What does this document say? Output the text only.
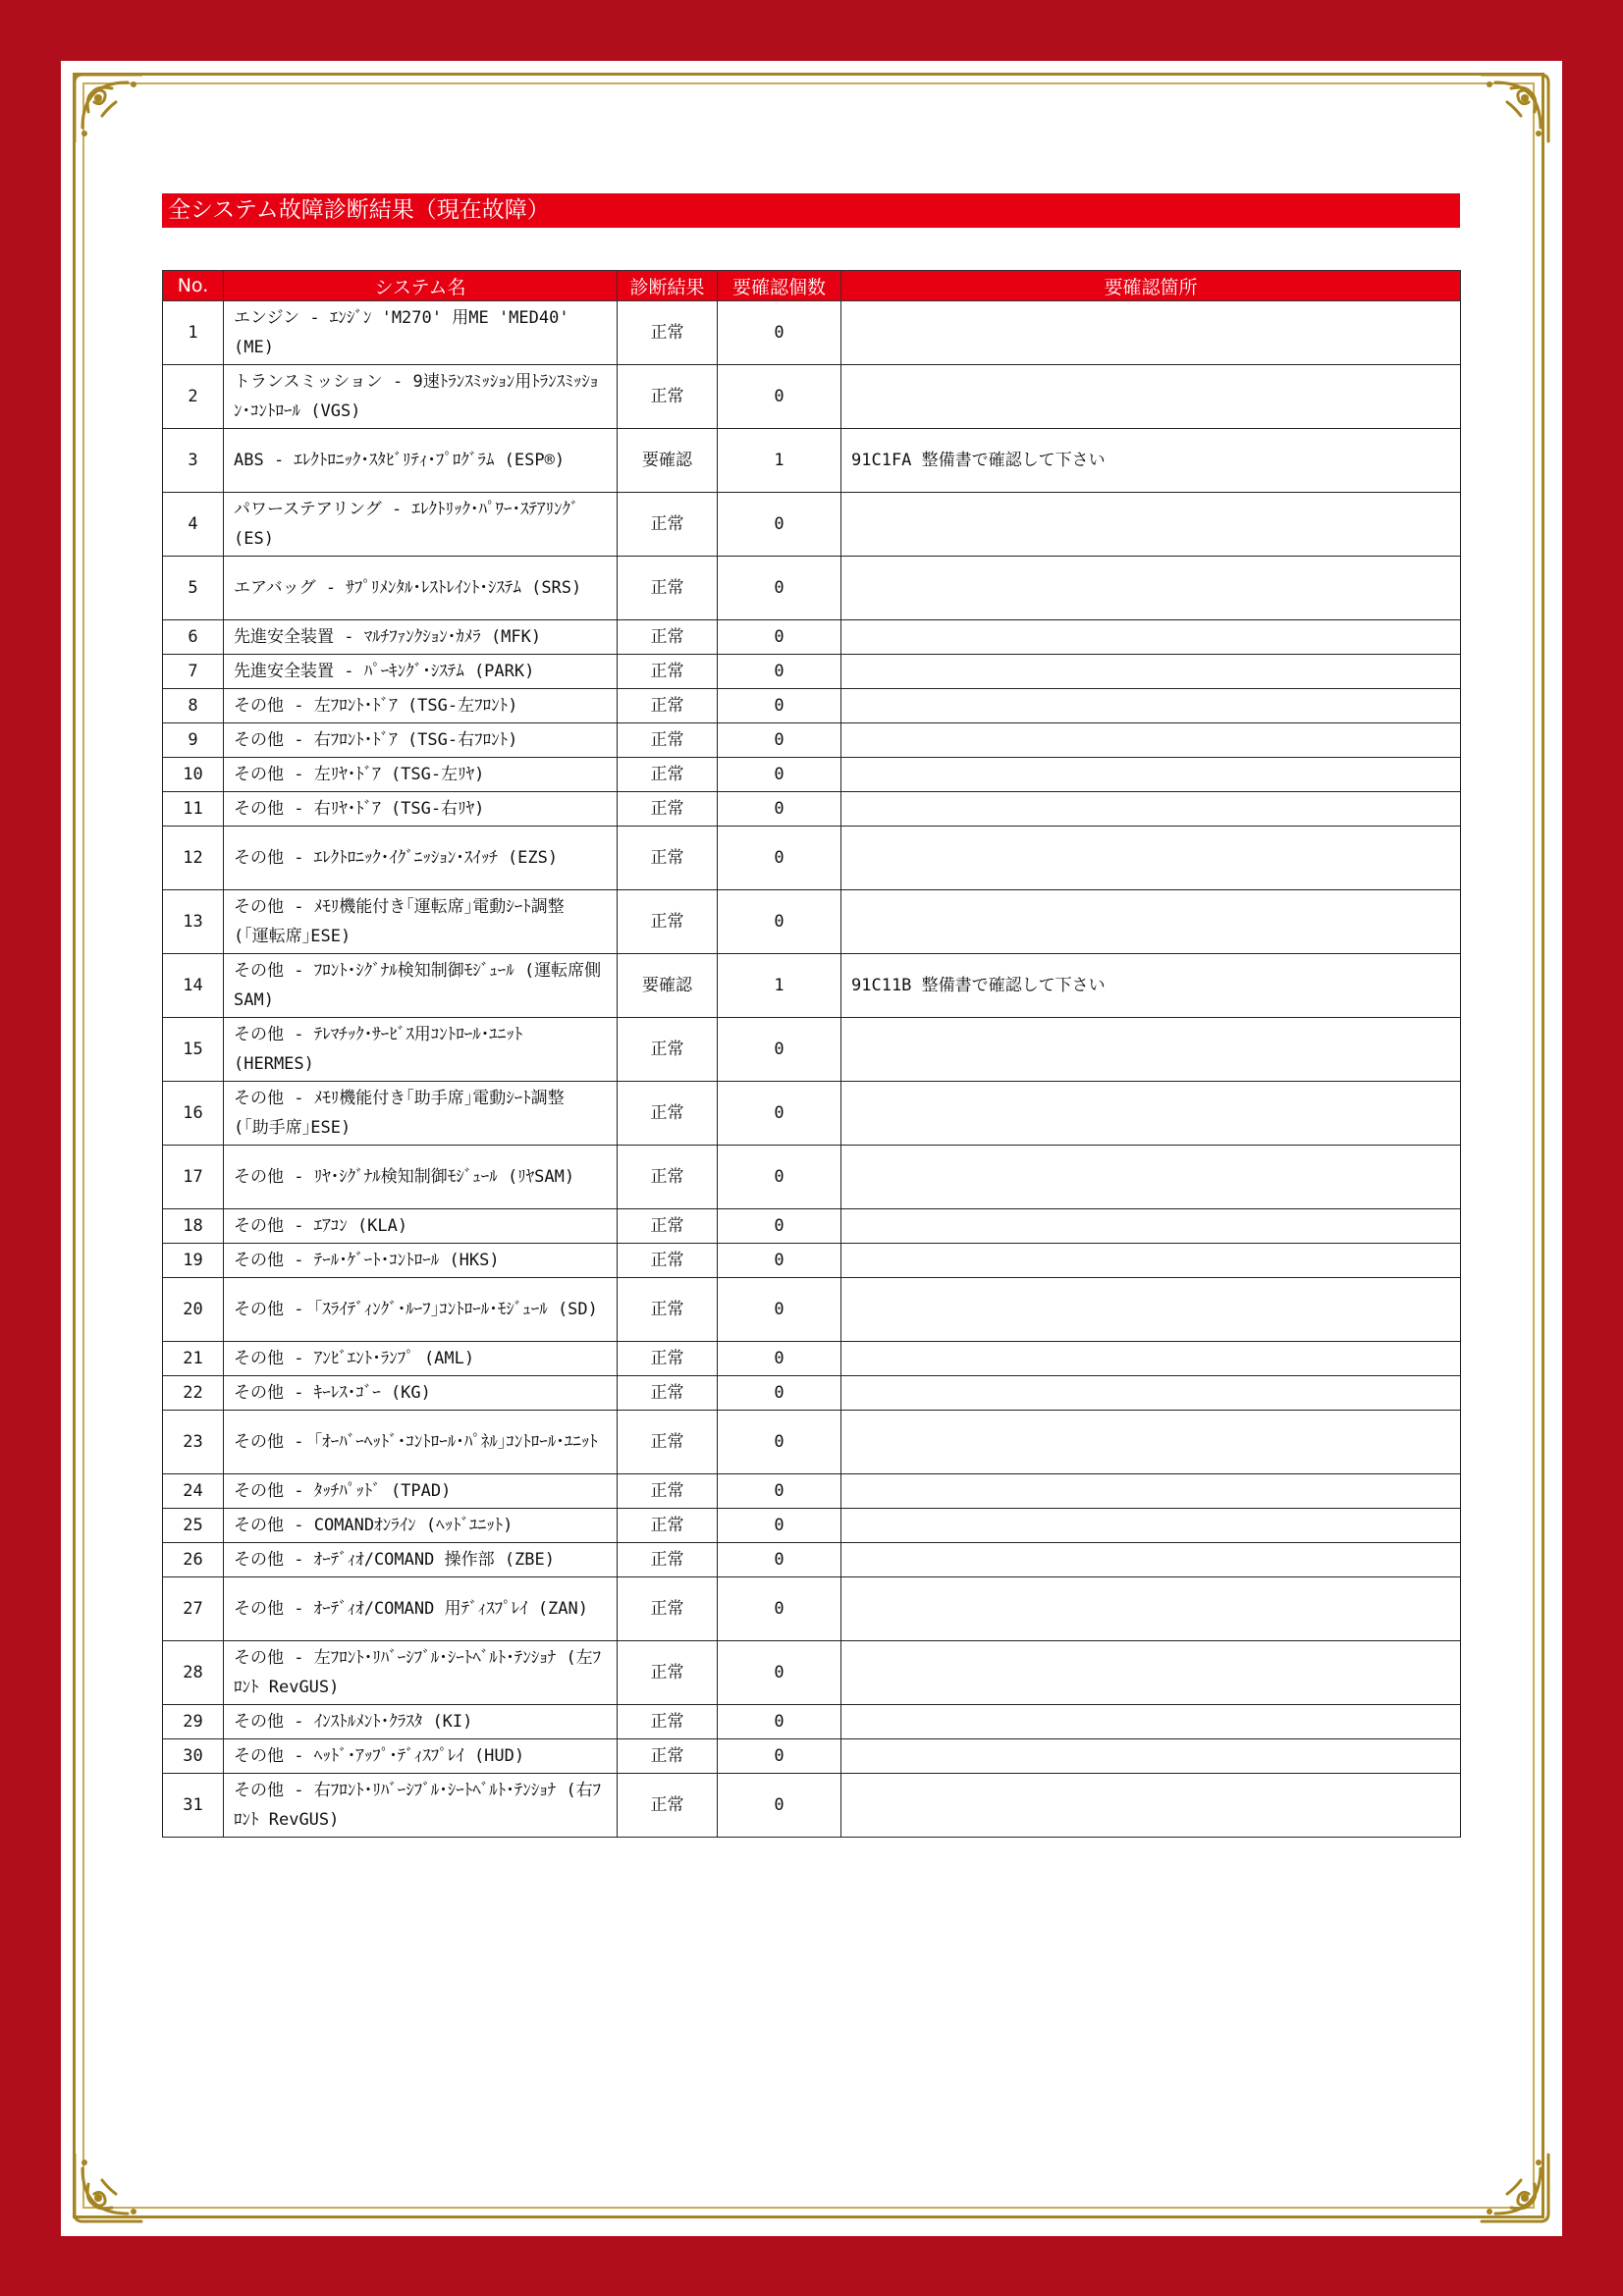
全システム故障診断結果（現在故障）
No.	システム名	診断結果	要確認個数	要確認箇所
1	エンジン - ｴﾝｼﾞﾝ 'M270' 用ME 'MED40' (ME)	正常	0	
2	トランスミッション - 9速ﾄﾗﾝｽﾐｯｼｮﾝ用ﾄﾗﾝｽﾐｯｼｮﾝ･ｺﾝﾄﾛｰﾙ (VGS)	正常	0	
3	ABS - ｴﾚｸﾄﾛﾆｯｸ･ｽﾀﾋﾞﾘﾃｨ･ﾌﾟﾛｸﾞﾗﾑ (ESP®)	要確認	1	91C1FA 整備書で確認して下さい
4	パワーステアリング - ｴﾚｸﾄﾘｯｸ･ﾊﾟﾜｰ･ｽﾃｱﾘﾝｸﾞ (ES)	正常	0	
5	エアバッグ - ｻﾌﾟﾘﾒﾝﾀﾙ･ﾚｽﾄﾚｲﾝﾄ･ｼｽﾃﾑ (SRS)	正常	0	
6	先進安全装置 - ﾏﾙﾁﾌｧﾝｸｼｮﾝ･ｶﾒﾗ (MFK)	正常	0	
7	先進安全装置 - ﾊﾟｰｷﾝｸﾞ･ｼｽﾃﾑ (PARK)	正常	0	
8	その他 - 左ﾌﾛﾝﾄ･ﾄﾞｱ (TSG-左ﾌﾛﾝﾄ)	正常	0	
9	その他 - 右ﾌﾛﾝﾄ･ﾄﾞｱ (TSG-右ﾌﾛﾝﾄ)	正常	0	
10	その他 - 左ﾘﾔ･ﾄﾞｱ (TSG-左ﾘﾔ)	正常	0	
11	その他 - 右ﾘﾔ･ﾄﾞｱ (TSG-右ﾘﾔ)	正常	0	
12	その他 - ｴﾚｸﾄﾛﾆｯｸ･ｲｸﾞﾆｯｼｮﾝ･ｽｲｯﾁ (EZS)	正常	0	
13	その他 - ﾒﾓﾘ機能付き｢運転席｣電動ｼｰﾄ調整 (｢運転席｣ESE)	正常	0	
14	その他 - ﾌﾛﾝﾄ･ｼｸﾞﾅﾙ検知制御ﾓｼﾞｭｰﾙ (運転席側SAM)	要確認	1	91C11B 整備書で確認して下さい
15	その他 - ﾃﾚﾏﾁｯｸ･ｻｰﾋﾞｽ用ｺﾝﾄﾛｰﾙ･ﾕﾆｯﾄ (HERMES)	正常	0	
16	その他 - ﾒﾓﾘ機能付き｢助手席｣電動ｼｰﾄ調整 (｢助手席｣ESE)	正常	0	
17	その他 - ﾘﾔ･ｼｸﾞﾅﾙ検知制御ﾓｼﾞｭｰﾙ (ﾘﾔSAM)	正常	0	
18	その他 - ｴｱｺﾝ (KLA)	正常	0	
19	その他 - ﾃｰﾙ･ｹﾞｰﾄ･ｺﾝﾄﾛｰﾙ (HKS)	正常	0	
20	その他 - ｢ｽﾗｲﾃﾞｨﾝｸﾞ･ﾙｰﾌ｣ｺﾝﾄﾛｰﾙ･ﾓｼﾞｭｰﾙ (SD)	正常	0	
21	その他 - ｱﾝﾋﾞｴﾝﾄ･ﾗﾝﾌﾟ (AML)	正常	0	
22	その他 - ｷｰﾚｽ･ｺﾞｰ (KG)	正常	0	
23	その他 - ｢ｵｰﾊﾞｰﾍｯﾄﾞ･ｺﾝﾄﾛｰﾙ･ﾊﾟﾈﾙ｣ｺﾝﾄﾛｰﾙ･ﾕﾆｯﾄ	正常	0	
24	その他 - ﾀｯﾁﾊﾟｯﾄﾞ (TPAD)	正常	0	
25	その他 - COMANDｵﾝﾗｲﾝ (ﾍｯﾄﾞﾕﾆｯﾄ)	正常	0	
26	その他 - ｵｰﾃﾞｨｵ/COMAND 操作部 (ZBE)	正常	0	
27	その他 - ｵｰﾃﾞｨｵ/COMAND 用ﾃﾞｨｽﾌﾟﾚｲ (ZAN)	正常	0	
28	その他 - 左ﾌﾛﾝﾄ･ﾘﾊﾞｰｼﾌﾞﾙ･ｼｰﾄﾍﾞﾙﾄ･ﾃﾝｼｮﾅ (左ﾌﾛﾝﾄ RevGUS)	正常	0	
29	その他 - ｲﾝｽﾄﾙﾒﾝﾄ･ｸﾗｽﾀ (KI)	正常	0	
30	その他 - ﾍｯﾄﾞ･ｱｯﾌﾟ･ﾃﾞｨｽﾌﾟﾚｲ (HUD)	正常	0	
31	その他 - 右ﾌﾛﾝﾄ･ﾘﾊﾞｰｼﾌﾞﾙ･ｼｰﾄﾍﾞﾙﾄ･ﾃﾝｼｮﾅ (右ﾌﾛﾝﾄ RevGUS)	正常	0	
